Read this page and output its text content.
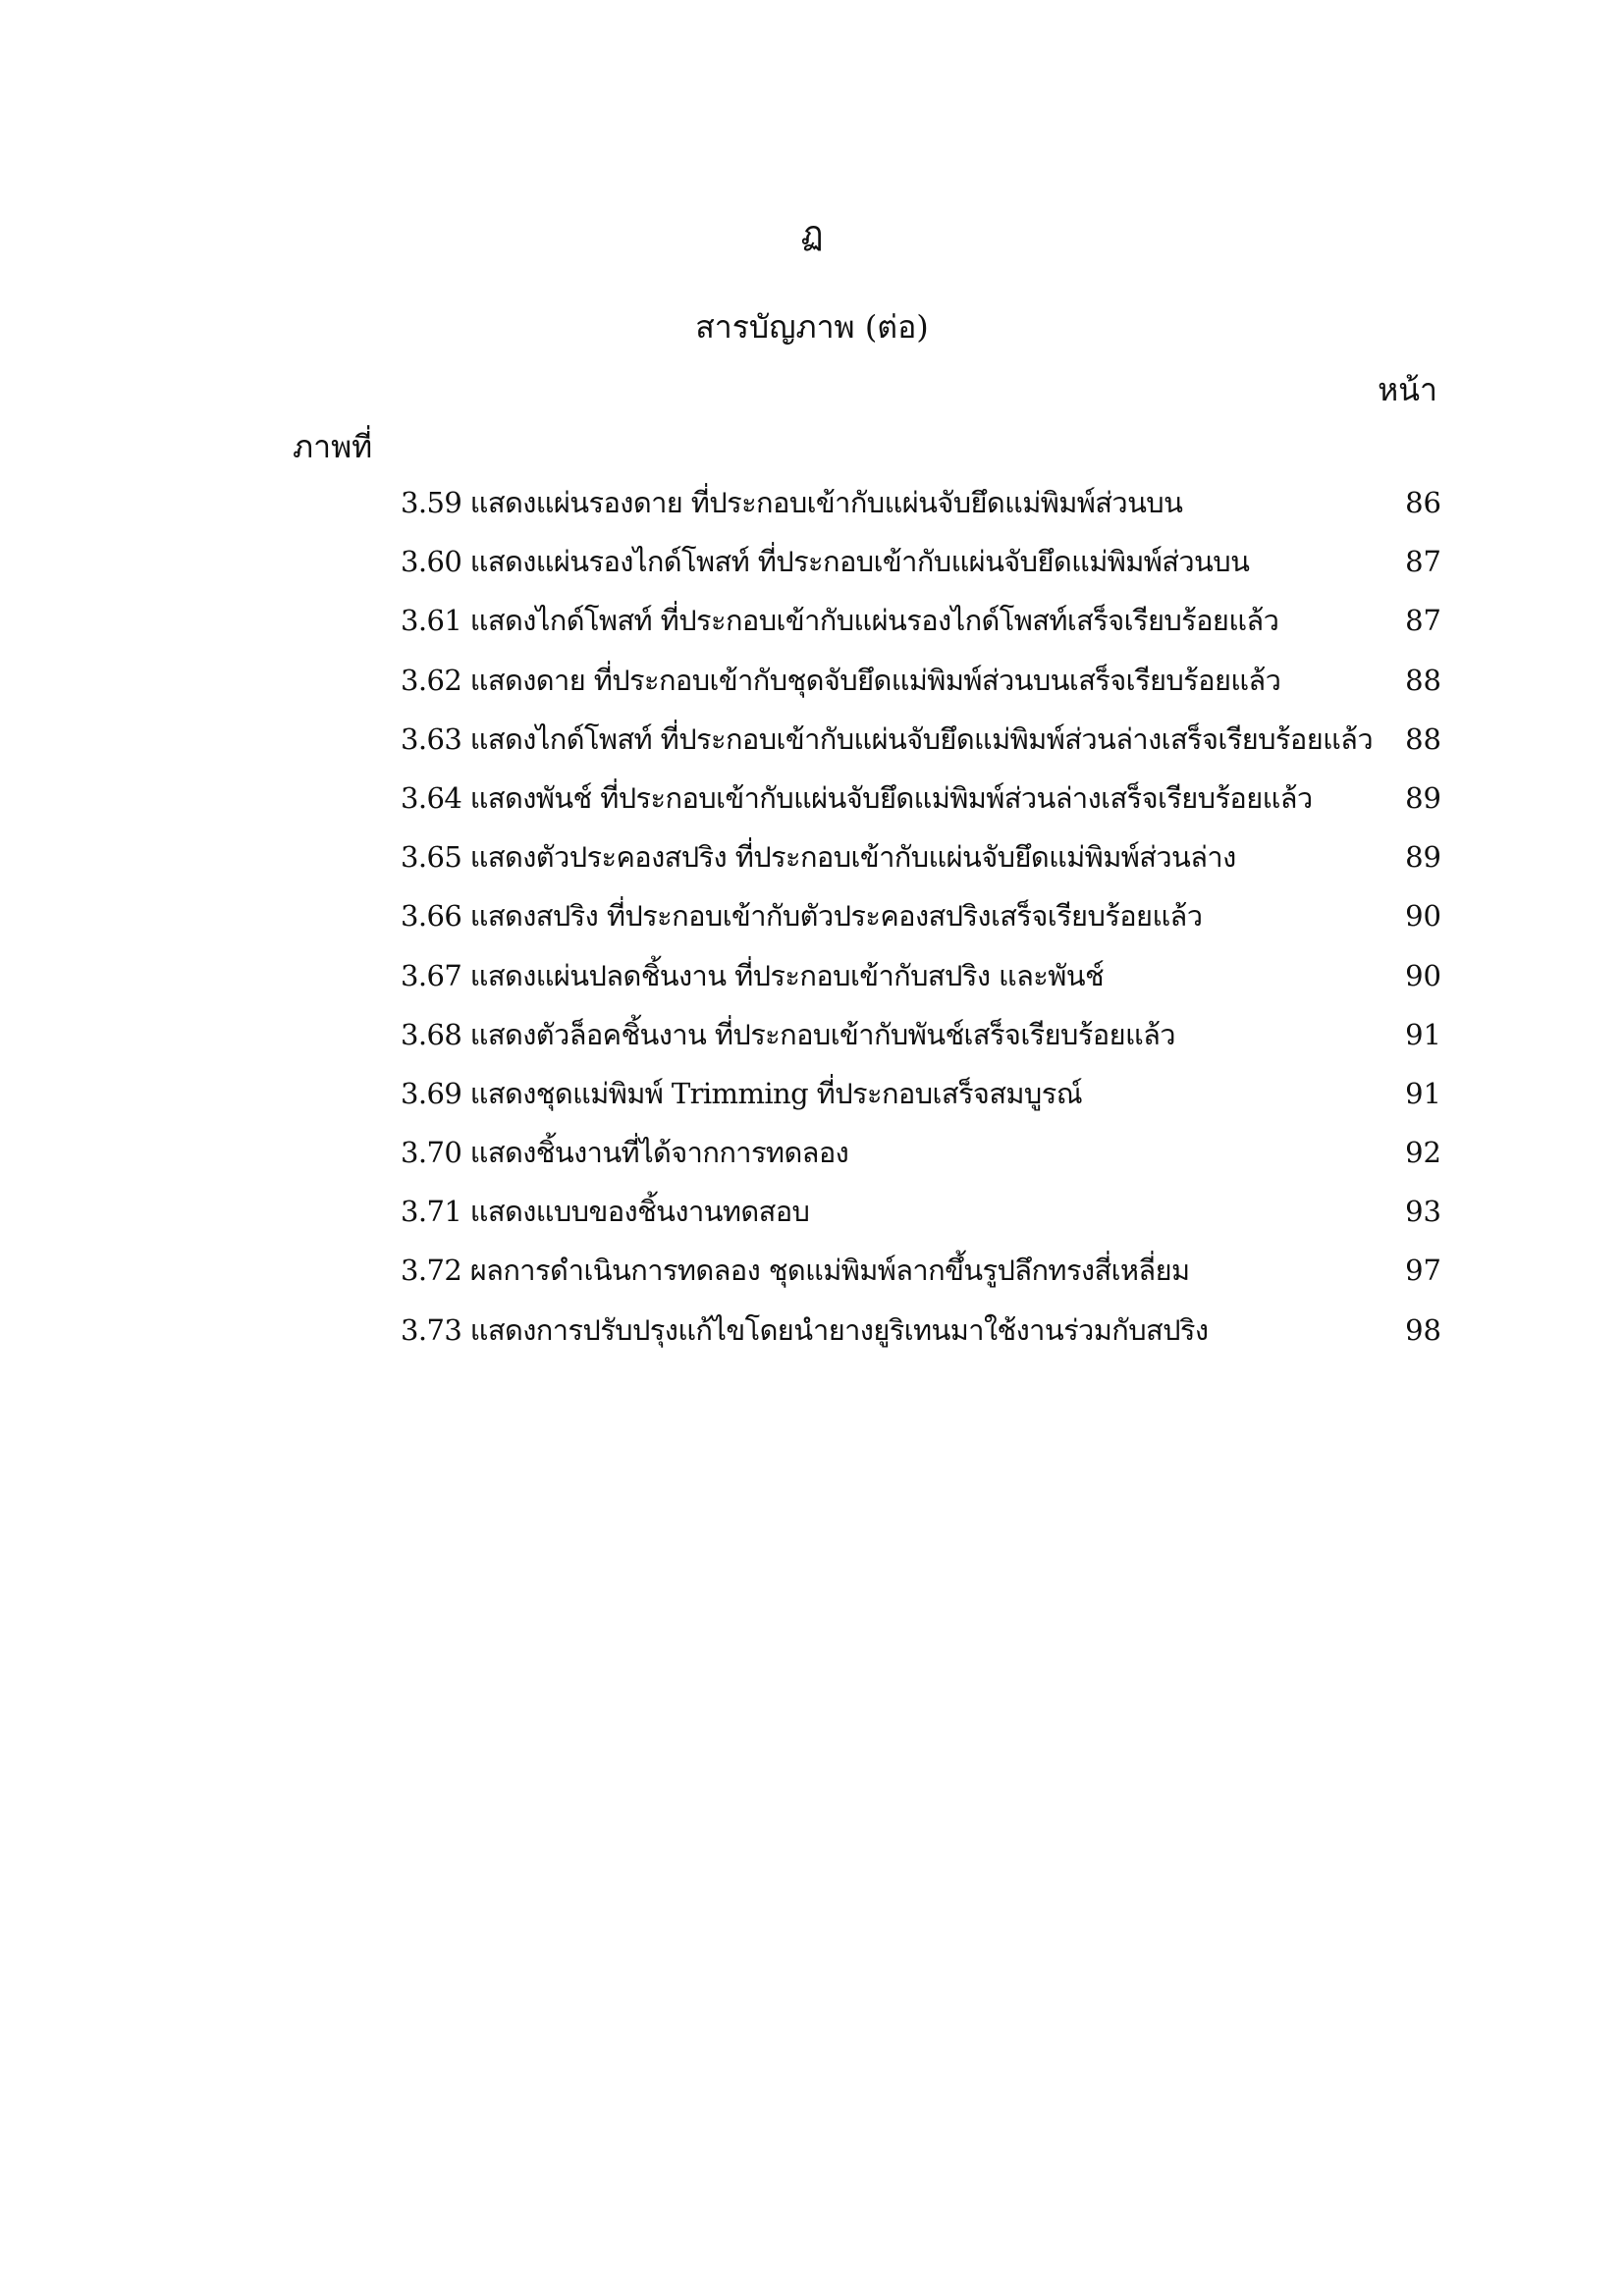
ฏ
สารบัญภาพ (ต่อ)
หน้า
ภาพที่
3.59 แสดงแผ่นรองดาย ที่ประกอบเข้ากับแผ่นจับยึดแม่พิมพ์ส่วนบน	86
3.60 แสดงแผ่นรองไกด์โพสท์ ที่ประกอบเข้ากับแผ่นจับยึดแม่พิมพ์ส่วนบน	87
3.61 แสดงไกด์โพสท์ ที่ประกอบเข้ากับแผ่นรองไกด์โพสท์เสร็จเรียบร้อยแล้ว	87
3.62 แสดงดาย ที่ประกอบเข้ากับชุดจับยึดแม่พิมพ์ส่วนบนเสร็จเรียบร้อยแล้ว	88
3.63 แสดงไกด์โพสท์ ที่ประกอบเข้ากับแผ่นจับยึดแม่พิมพ์ส่วนล่างเสร็จเรียบร้อยแล้ว	88
3.64 แสดงพันช์ ที่ประกอบเข้ากับแผ่นจับยึดแม่พิมพ์ส่วนล่างเสร็จเรียบร้อยแล้ว	89
3.65 แสดงตัวประคองสปริง ที่ประกอบเข้ากับแผ่นจับยึดแม่พิมพ์ส่วนล่าง	89
3.66 แสดงสปริง ที่ประกอบเข้ากับตัวประคองสปริงเสร็จเรียบร้อยแล้ว	90
3.67 แสดงแผ่นปลดชิ้นงาน ที่ประกอบเข้ากับสปริง และพันช์	90
3.68 แสดงตัวล็อคชิ้นงาน ที่ประกอบเข้ากับพันช์เสร็จเรียบร้อยแล้ว	91
3.69 แสดงชุดแม่พิมพ์ Trimming ที่ประกอบเสร็จสมบูรณ์	91
3.70 แสดงชิ้นงานที่ได้จากการทดลอง	92
3.71 แสดงแบบของชิ้นงานทดสอบ	93
3.72 ผลการดำเนินการทดลอง ชุดแม่พิมพ์ลากขึ้นรูปลึกทรงสี่เหลี่ยม	97
3.73 แสดงการปรับปรุงแก้ไขโดยนำยางยูริเทนมาใช้งานร่วมกับสปริง	98
